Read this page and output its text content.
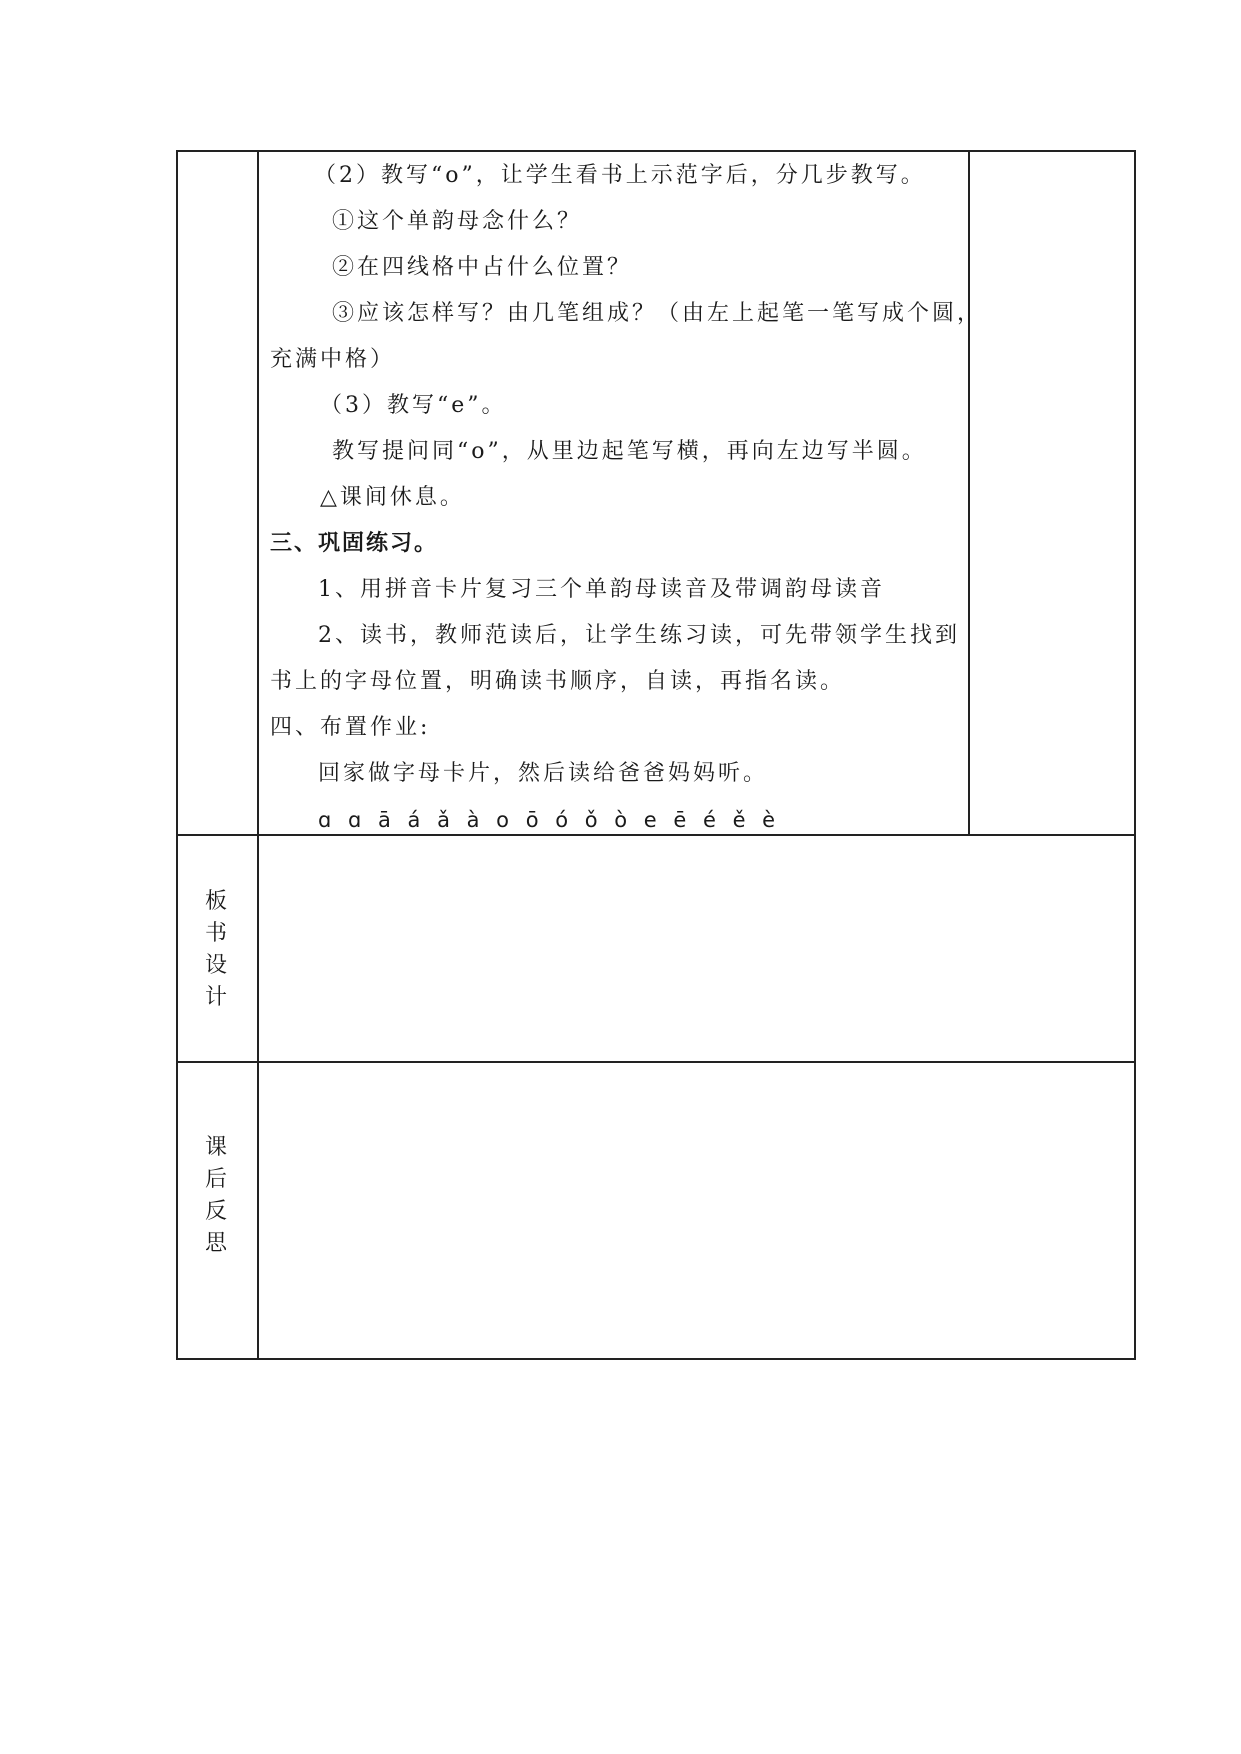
（2）教写“o”，让学生看书上示范字后，分几步教写。
①这个单韵母念什么？
②在四线格中占什么位置？
③应该怎样写？由几笔组成？（由左上起笔一笔写成个圆，
充满中格）
（3）教写“e”。
教写提问同“o”，从里边起笔写横，再向左边写半圆。
△课间休息。
三、巩固练习。
1、用拼音卡片复习三个单韵母读音及带调韵母读音
2、读书，教师范读后，让学生练习读，可先带领学生找到
书上的字母位置，明确读书顺序，自读，再指名读。
四、布置作业:
回家做字母卡片，然后读给爸爸妈妈听。
ɑ ɑ ā á ǎ à o ō ó ǒ ò e ē é ě è
板
书
设
计
课
后
反
思
